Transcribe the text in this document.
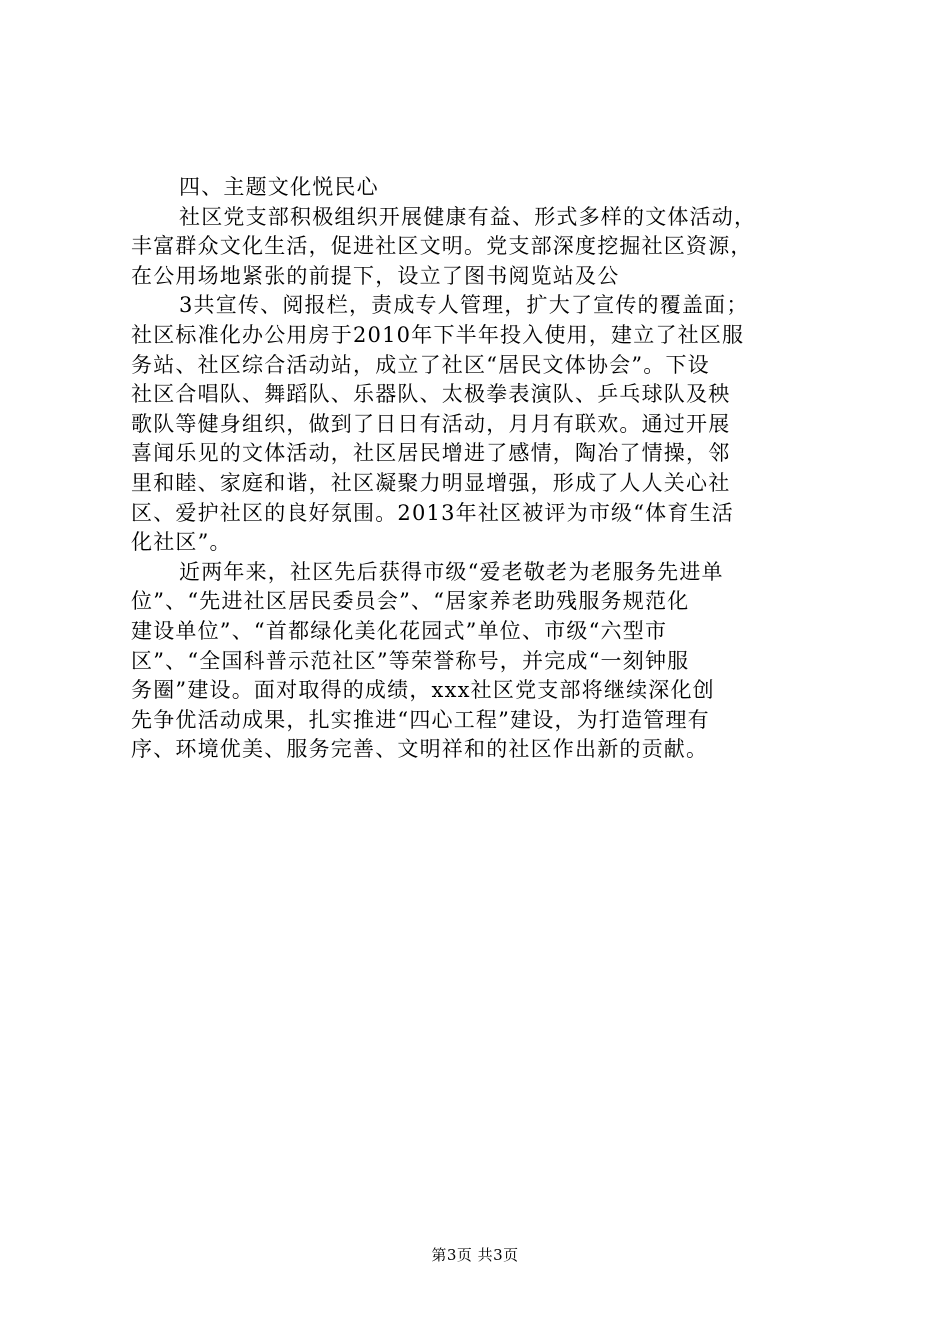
四、主题文化悦民心
社区党支部积极组织开展健康有益、形式多样的文体活动，
丰富群众文化生活，促进社区文明。党支部深度挖掘社区资源，
在公用场地紧张的前提下，设立了图书阅览站及公
3共宣传、阅报栏，责成专人管理，扩大了宣传的覆盖面；
社区标准化办公用房于2010年下半年投入使用，建立了社区服
务站、社区综合活动站，成立了社区“居民文体协会”。下设
社区合唱队、舞蹈队、乐器队、太极拳表演队、乒乓球队及秧
歌队等健身组织，做到了日日有活动，月月有联欢。通过开展
喜闻乐见的文体活动，社区居民增进了感情，陶冶了情操，邻
里和睦、家庭和谐，社区凝聚力明显增强，形成了人人关心社
区、爱护社区的良好氛围。2013年社区被评为市级“体育生活
化社区”。
近两年来，社区先后获得市级“爱老敬老为老服务先进单
位”、“先进社区居民委员会”、“居家养老助残服务规范化
建设单位”、“首都绿化美化花园式”单位、市级“六型市
区”、“全国科普示范社区”等荣誉称号，并完成“一刻钟服
务圈”建设。面对取得的成绩，xxx社区党支部将继续深化创
先争优活动成果，扎实推进“四心工程”建设，为打造管理有
序、环境优美、服务完善、文明祥和的社区作出新的贡献。
第3页 共3页
